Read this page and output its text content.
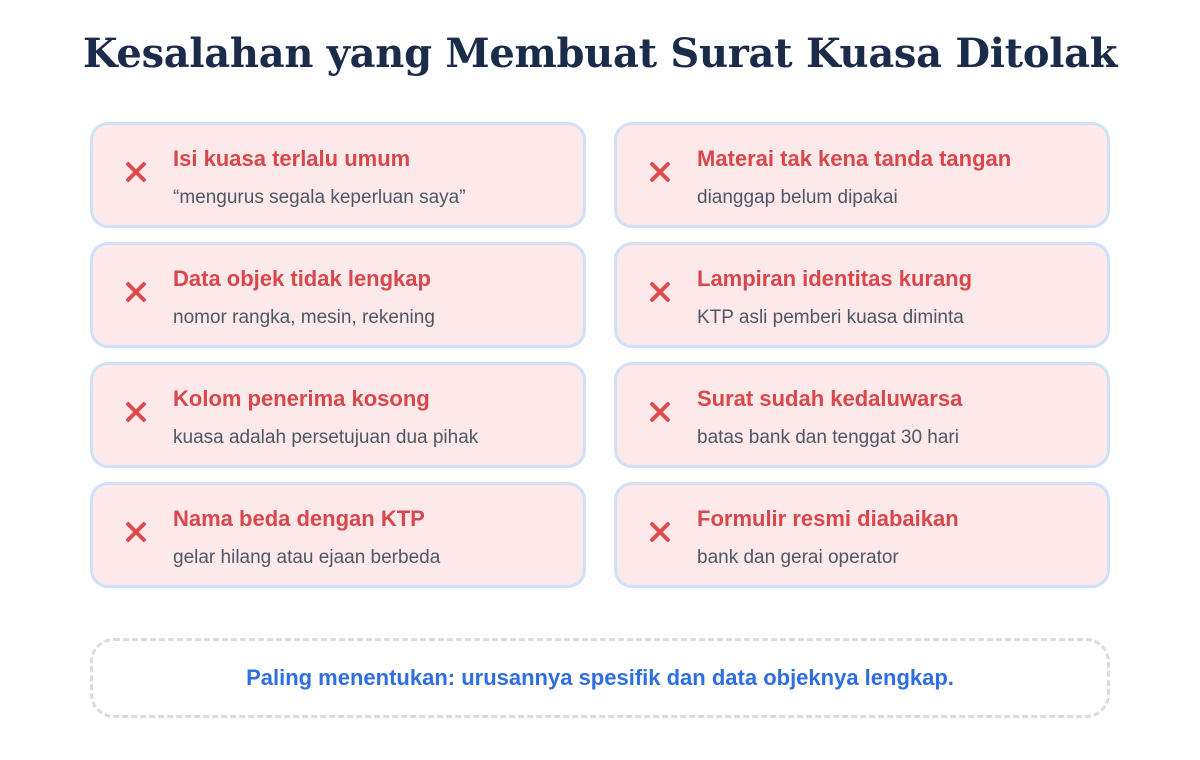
Kesalahan yang Membuat Surat Kuasa Ditolak
Isi kuasa terlalu umum
“mengurus segala keperluan saya”
Materai tak kena tanda tangan
dianggap belum dipakai
Data objek tidak lengkap
nomor rangka, mesin, rekening
Lampiran identitas kurang
KTP asli pemberi kuasa diminta
Kolom penerima kosong
kuasa adalah persetujuan dua pihak
Surat sudah kedaluwarsa
batas bank dan tenggat 30 hari
Nama beda dengan KTP
gelar hilang atau ejaan berbeda
Formulir resmi diabaikan
bank dan gerai operator
Paling menentukan: urusannya spesifik dan data objeknya lengkap.
